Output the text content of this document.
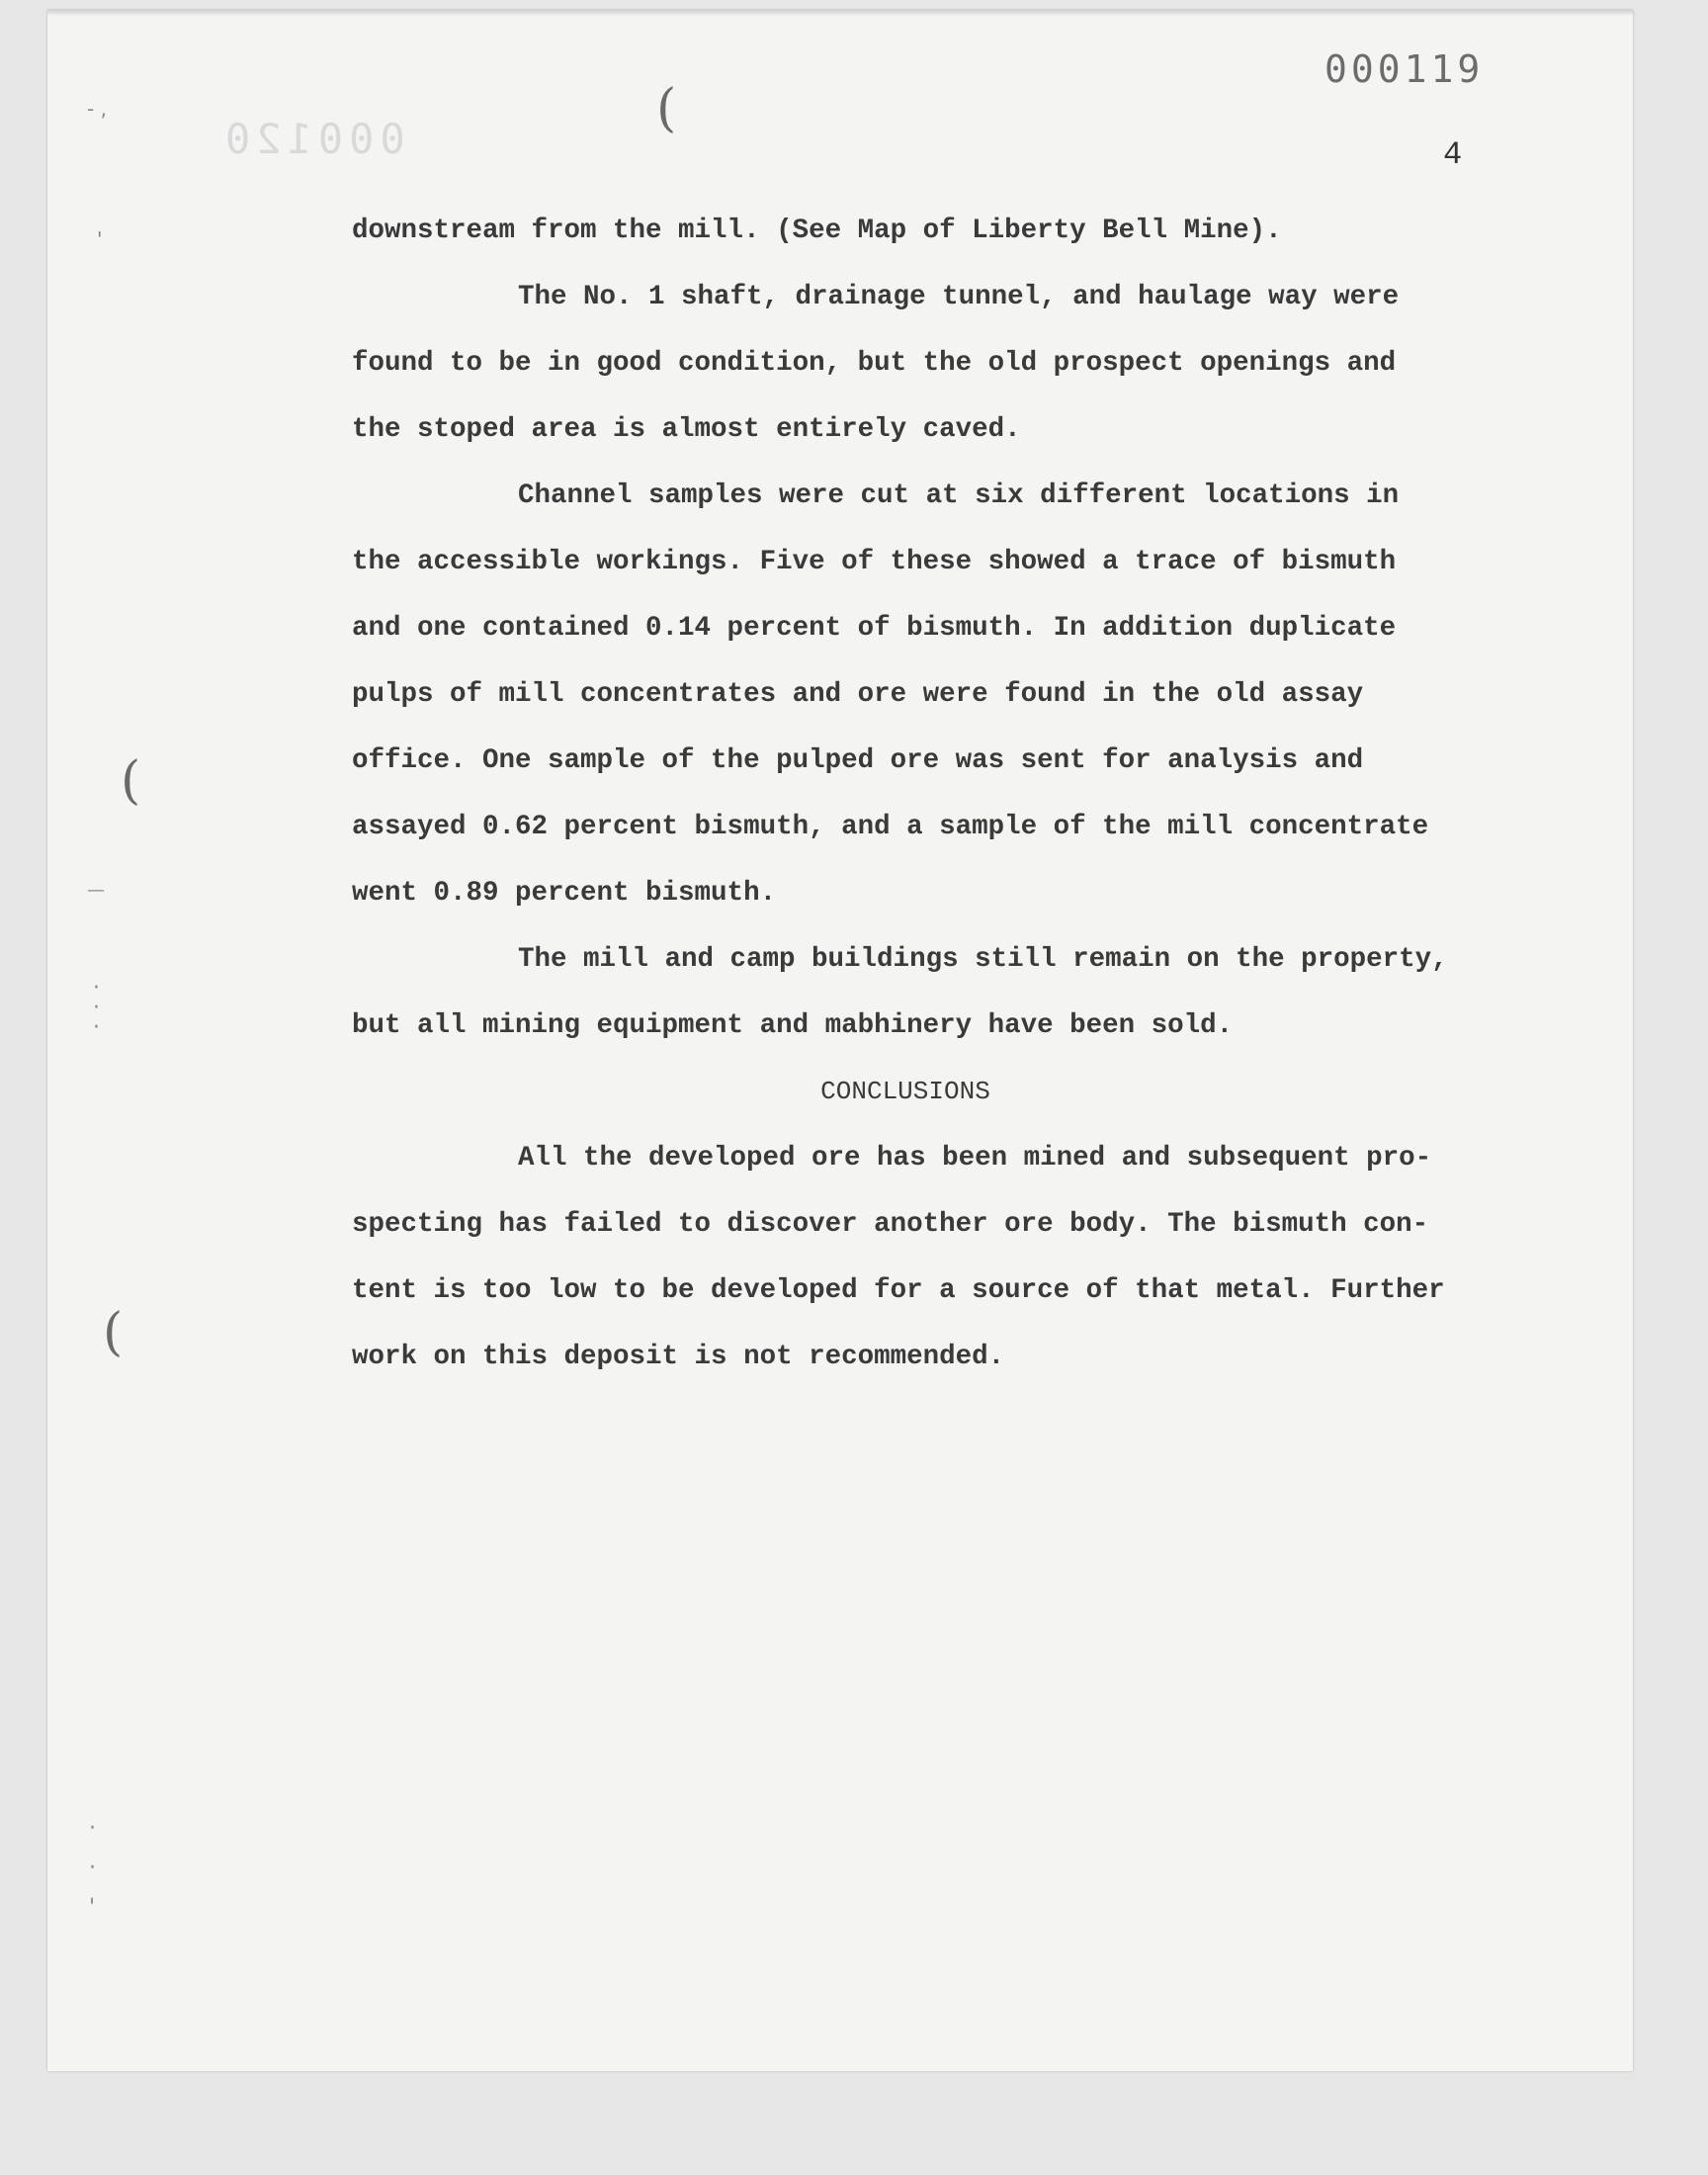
000120
000119
4
(
(
(
- ,
'
—
·
·
·
·
·
'

downstream from the mill. (See Map of Liberty Bell Mine).

The No. 1 shaft, drainage tunnel, and haulage way were

found to be in good condition, but the old prospect openings and

the stoped area is almost entirely caved.

Channel samples were cut at six different locations in

the accessible workings. Five of these showed a trace of bismuth

and one contained 0.14 percent of bismuth. In addition duplicate

pulps of mill concentrates and ore were found in the old assay

office. One sample of the pulped ore was sent for analysis and

assayed 0.62 percent bismuth, and a sample of the mill concentrate

went 0.89 percent bismuth.

The mill and camp buildings still remain on the property,

but all mining equipment and mabhinery have been sold.

CONCLUSIONS

All the developed ore has been mined and subsequent pro-

specting has failed to discover another ore body. The bismuth con-

tent is too low to be developed for a source of that metal. Further

work on this deposit is not recommended.
